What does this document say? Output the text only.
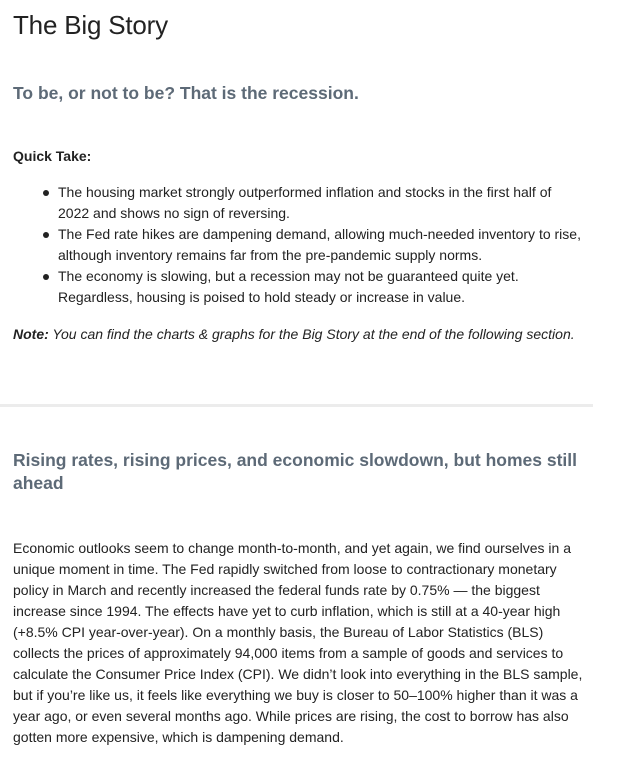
The Big Story
To be, or not to be? That is the recession.

Quick Take:

The housing market strongly outperformed inflation and stocks in the first half of 2022 and shows no sign of reversing.
The Fed rate hikes are dampening demand, allowing much-needed inventory to rise, although inventory remains far from the pre-pandemic supply norms.
The economy is slowing, but a recession may not be guaranteed quite yet. Regardless, housing is poised to hold steady or increase in value.

Note: You can find the charts & graphs for the Big Story at the end of the following section.

Rising rates, rising prices, and economic slowdown, but homes still ahead

Economic outlooks seem to change month-to-month, and yet again, we find ourselves in a unique moment in time. The Fed rapidly switched from loose to contractionary monetary policy in March and recently increased the federal funds rate by 0.75% — the biggest increase since 1994. The effects have yet to curb inflation, which is still at a 40-year high (+8.5% CPI year-over-year). On a monthly basis, the Bureau of Labor Statistics (BLS) collects the prices of approximately 94,000 items from a sample of goods and services to calculate the Consumer Price Index (CPI). We didn’t look into everything in the BLS sample, but if you’re like us, it feels like everything we buy is closer to 50–100% higher than it was a year ago, or even several months ago. While prices are rising, the cost to borrow has also gotten more expensive, which is dampening demand.
